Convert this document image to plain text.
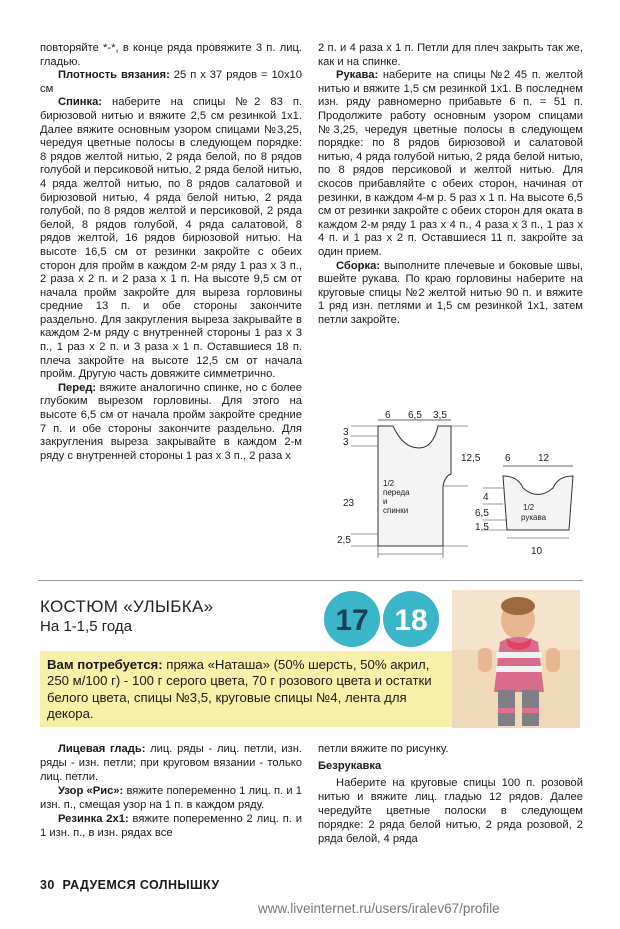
повторяйте *-*, в конце ряда провяжите 3 п. лиц. гладью.

Плотность вязания: 25 п х 37 рядов = 10х10 см

Спинка: наберите на спицы №2 83 п. бирюзовой нитью и вяжите 2,5 см резинкой 1х1. Далее вяжите основным узором спицами №3,25, чередуя цветные полосы в следующем порядке: 8 рядов желтой нитью, 2 ряда белой, по 8 рядов голубой и персиковой нитью, 2 ряда белой нитью, 4 ряда желтой нитью, по 8 рядов салатовой и бирюзовой нитью, 4 ряда белой нитью, 2 ряда голубой, по 8 рядов желтой и персиковой, 2 ряда белой, 8 рядов голубой, 4 ряда салатовой, 8 рядов желтой, 16 рядов бирюзовой нитью. На высоте 16,5 см от резинки закройте с обеих сторон для пройм в каждом 2-м ряду 1 раз х 3 п., 2 раза х 2 п. и 2 раза х 1 п. На высоте 9,5 см от начала пройм закройте для выреза горловины средние 13 п. и обе стороны закончите раздельно. Для закругления выреза закрывайте в каждом 2-м ряду с внутренней стороны 1 раз х 3 п., 1 раз х 2 п. и 3 раза х 1 п. Оставшиеся 18 п. плеча закройте на высоте 12,5 см от начала пройм. Другую часть довяжите симметрично.

Перед: вяжите аналогично спинке, но с более глубоким вырезом горловины. Для этого на высоте 6,5 см от начала пройм закройте средние 7 п. и обе стороны закончите раздельно. Для закругления выреза закрывайте в каждом 2-м ряду с внутренней стороны 1 раз х 3 п., 2 раза х

2 п. и 4 раза х 1 п. Петли для плеч закрыть так же, как и на спинке.

Рукава: наберите на спицы №2 45 п. желтой нитью и вяжите 1,5 см резинкой 1х1. В последнем изн. ряду равномерно прибавьте 6 п. = 51 п. Продолжите работу основным узором спицами №3,25, чередуя цветные полосы в следующем порядке: по 8 рядов бирюзовой и салатовой нитью, 4 ряда голубой нитью, 2 ряда белой нитью, по 8 рядов персиковой и желтой нитью. Для скосов прибавляйте с обеих сторон, начиная от резинки, в каждом 4-м р. 5 раз х 1 п. На высоте 6,5 см от резинки закройте с обеих сторон для оката в каждом 2-м ряду 1 раз х 4 п., 4 раза х 3 п., 1 раз х 4 п. и 1 раз х 2 п. Оставшиеся 11 п. закройте за один прием.

Сборка: выполните плечевые и боковые швы, вшейте рукава. По краю горловины наберите на круговые спицы №2 желтой нитью 90 п. и вяжите 1 ряд изн. петлями и 1,5 см резинкой 1х1, затем петли закройте.

6 6,5 3,5
3
3
23
2,5
12,5
1/2
переда
и
спинки
6	12
4
6,5
1,5
1/2
рукава
10
КОСТЮМ «УЛЫБКА»
На 1-1,5 года	17 18
Вам потребуется: пряжа «Наташа» (50% шерсть, 50% акрил, 250 м/100 г) - 100 г серого цвета, 70 г розового цвета и остатки белого цвета, спицы №3,5, круговые спицы №4, лента для декора.

Лицевая гладь: лиц. ряды - лиц. петли, изн. ряды - изн. петли; при круговом вязании - только лиц. петли.

Узор «Рис»: вяжите попеременно 1 лиц. п. и 1 изн. п., смещая узор на 1 п. в каждом ряду.

Резинка 2х1: вяжите попеременно 2 лиц. п. и 1 изн. п., в изн. рядах все

петли вяжите по рисунку.

Безрукавка

Наберите на круговые спицы 100 п. розовой нитью и вяжите лиц. гладью 12 рядов. Далее чередуйте цветные полоски в следующем порядке: 2 ряда белой нитью, 2 ряда розовой, 2 ряда белой, 4 ряда

30 РАДУЕМСЯ СОЛНЫШКУ
www.liveinternet.ru/users/iralev67/profile
